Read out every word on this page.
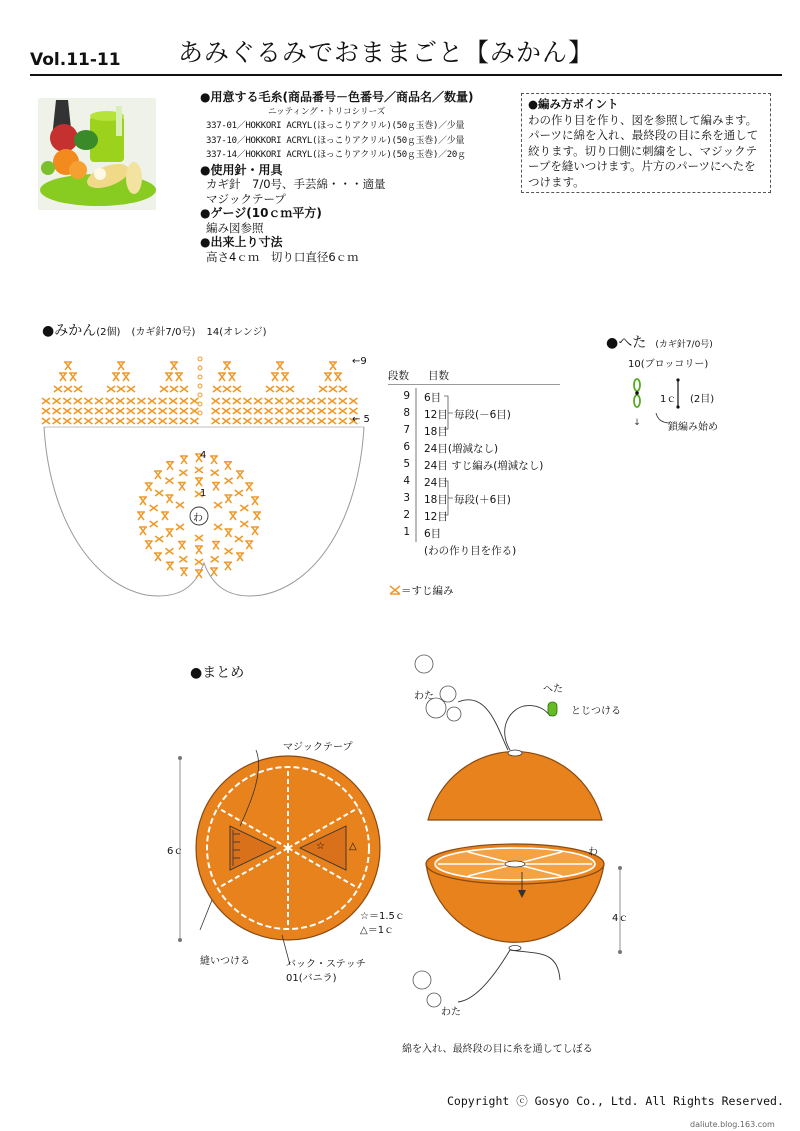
Vol.11-11 あみぐるみでおままごと【みかん】
●用意する毛糸(商品番号－色番号／商品名／数量)
ニッティング・トリコシリーズ
337-01／HOKKORI ACRYL(ほっこりアクリル)(50ｇ玉巻)／少量
337-10／HOKKORI ACRYL(ほっこりアクリル)(50ｇ玉巻)／少量
337-14／HOKKORI ACRYL(ほっこりアクリル)(50ｇ玉巻)／20ｇ
●使用針・用具
カギ針　7/0号、手芸綿・・・適量
マジックテープ
●ゲージ(10ｃｍ平方)
編み図参照
●出来上り寸法
高さ4ｃｍ　切り口直径6ｃｍ
●編み方ポイント
わの作り目を作り、図を参照して編みます。
パーツに綿を入れ、最終段の目に糸を通して
絞ります。切り口側に刺繍をし、マジックテ
ープを縫いつけます。片方のパーツにへたを
つけます。
●みかん(2個) (カギ針7/0号) 14(オレンジ)
←9
← 5
4
1
わ
段数 目数
9 6目
8 12目
7 18目
6 24目(増減なし)
5 24目 すじ編み(増減なし)
4 24目
3 18目
2 12目
1 6目
(わの作り目を作る)
毎段(－6目)
毎段(＋6目)
＝すじ編み
●へた (カギ針7/0号)
10(ブロッコリー)
↓
1ｃ (2目)
鎖編み始め
●まとめ
マジックテープ
6ｃ	☆ △
☆＝1.5ｃ
△＝1ｃ
縫いつける	バック・ステッチ
01(バニラ)
わた
わた
へた
とじつける
わ
4ｃ
綿を入れ、最終段の目に糸を通してしぼる
Copyright ⓒ Gosyo Co., Ltd. All Rights Reserved.
daliute.blog.163.com
